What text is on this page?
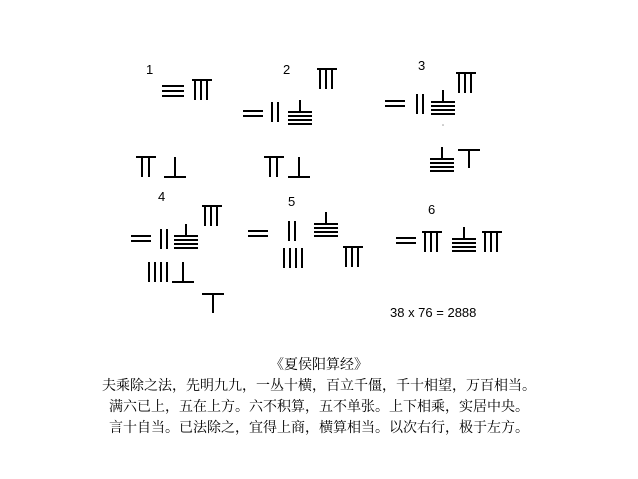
1	2	3
4	5
6
38 x 76 = 2888
《夏侯阳算经》
夫乘除之法，先明九九，一丛十横，百立千僵，千十相望，万百相当。
满六已上，五在上方。六不积算，五不单张。上下相乘，实居中央。
言十自当。已法除之，宜得上商，横算相当。以次右行，极于左方。
